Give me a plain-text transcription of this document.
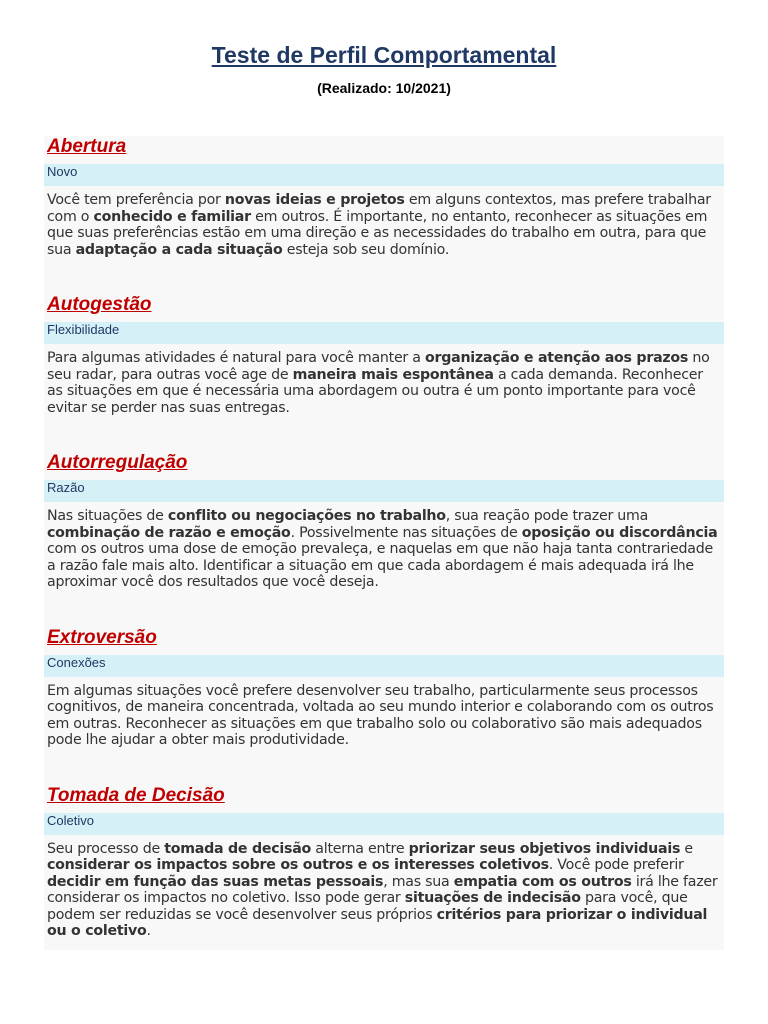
Teste de Perfil Comportamental
(Realizado: 10/2021)
Abertura
Novo
Você tem preferência por novas ideias e projetos em alguns contextos, mas prefere trabalhar com o conhecido e familiar em outros. É importante, no entanto, reconhecer as situações em que suas preferências estão em uma direção e as necessidades do trabalho em outra, para que sua adaptação a cada situação esteja sob seu domínio.
Autogestão
Flexibilidade
Para algumas atividades é natural para você manter a organização e atenção aos prazos no seu radar, para outras você age de maneira mais espontânea a cada demanda. Reconhecer as situações em que é necessária uma abordagem ou outra é um ponto importante para você evitar se perder nas suas entregas.
Autorregulação
Razão
Nas situações de conflito ou negociações no trabalho, sua reação pode trazer uma combinação de razão e emoção. Possivelmente nas situações de oposição ou discordância com os outros uma dose de emoção prevaleça, e naquelas em que não haja tanta contrariedade a razão fale mais alto. Identificar a situação em que cada abordagem é mais adequada irá lhe aproximar você dos resultados que você deseja.
Extroversão
Conexões
Em algumas situações você prefere desenvolver seu trabalho, particularmente seus processos cognitivos, de maneira concentrada, voltada ao seu mundo interior e colaborando com os outros em outras. Reconhecer as situações em que trabalho solo ou colaborativo são mais adequados pode lhe ajudar a obter mais produtividade.
Tomada de Decisão
Coletivo
Seu processo de tomada de decisão alterna entre priorizar seus objetivos individuais e considerar os impactos sobre os outros e os interesses coletivos. Você pode preferir decidir em função das suas metas pessoais, mas sua empatia com os outros irá lhe fazer considerar os impactos no coletivo. Isso pode gerar situações de indecisão para você, que podem ser reduzidas se você desenvolver seus próprios critérios para priorizar o individual ou o coletivo.
